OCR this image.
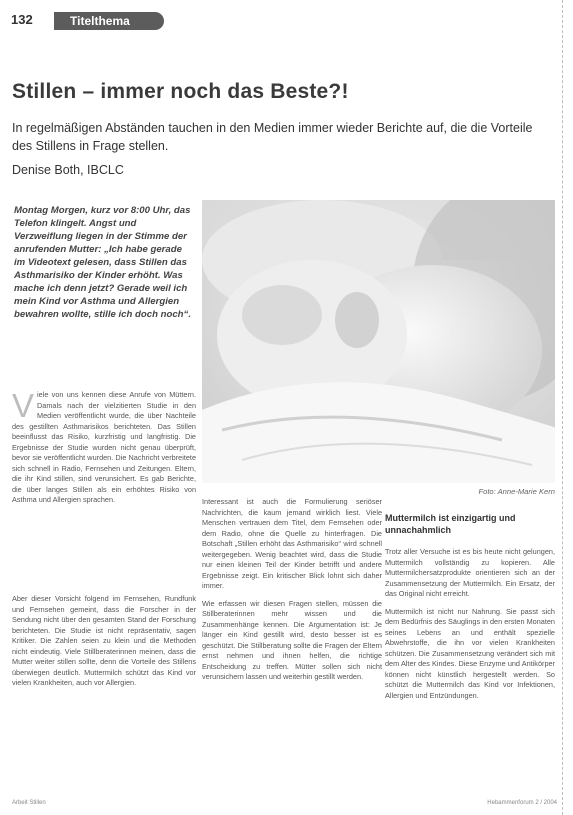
132	Titelthema
Stillen – immer noch das Beste?!
In regelmäßigen Abständen tauchen in den Medien immer wieder Berichte auf, die die Vorteile des Stillens in Frage stellen.
Denise Both, IBCLC
Montag Morgen, kurz vor 8:00 Uhr, das Telefon klingelt. Angst und Verzweiflung liegen in der Stimme der anrufenden Mutter: „Ich habe gerade im Videotext gelesen, dass Stillen das Asthmarisiko der Kinder erhöht. Was mache ich denn jetzt? Gerade weil ich mein Kind vor Asthma und Allergien bewahren wollte, stille ich doch noch“.
Viele von uns kennen diese Anrufe von Müttern. Damals nach der vielzitierten Studie in den Medien veröffentlicht wurde, die über Nachteile des gestillten Asthmarisikos berichteten. Das Stillen beeinflusst das Risiko, kurzfristig und langfristig. Die Ergebnisse der Studie wurden nicht genau überprüft, bevor sie veröffentlicht wurden. Die Nachricht verbreitete sich schnell in Radio, Fernsehen und Zeitungen. Eltern, die ihr Kind stillen, sind verunsichert. Es gab Berichte, die über langes Stillen als ein erhöhtes Risiko von Asthma und Allergien sprachen.
Aber dieser Vorsicht folgend im Fernsehen, Rundfunk und Fernsehen gemeint, dass die Forscher in der Sendung nicht über den gesamten Stand der Forschung berichteten. Die Studie ist nicht repräsentativ, sagen Kritiker. Die Zahlen seien zu klein und die Methoden nicht eindeutig. Viele Stillberaterinnen meinen, dass die Mutter weiter stillen sollte, denn die Vorteile des Stillens überwiegen deutlich. Muttermilch schützt das Kind vor vielen Krankheiten, auch vor Allergien.
Foto: Anne-Marie Kern

Interessant ist auch die Formulierung seriöser Nachrichten, die kaum jemand wirklich liest. Viele Menschen vertrauen dem Titel, dem Fernsehen oder dem Radio, ohne die Quelle zu hinterfragen. Die Botschaft „Stillen erhöht das Asthmarisiko“ wird schnell weitergegeben. Wenig beachtet wird, dass die Studie nur einen kleinen Teil der Kinder betrifft und andere Ergebnisse zeigt. Ein kritischer Blick lohnt sich daher immer.

Wie erfassen wir diesen Fragen stellen, müssen die Stillberaterinnen mehr wissen und die Zusammenhänge kennen. Die Argumentation ist: Je länger ein Kind gestillt wird, desto besser ist es geschützt. Die Stillberatung sollte die Fragen der Eltern ernst nehmen und ihnen helfen, die richtige Entscheidung zu treffen. Mütter sollen sich nicht verunsichern lassen und weiterhin gestillt werden.

Muttermilch ist einzigartig und unnachahmlich

Trotz aller Versuche ist es bis heute nicht gelungen, Muttermilch vollständig zu kopieren. Alle Muttermilchersatzprodukte orientieren sich an der Zusammensetzung der Muttermilch. Ein Ersatz, der das Original nicht erreicht.

Muttermilch ist nicht nur Nahrung. Sie passt sich dem Bedürfnis des Säuglings in den ersten Monaten seines Lebens an und enthält spezielle Abwehrstoffe, die ihn vor vielen Krankheiten schützen. Die Zusammensetzung verändert sich mit dem Alter des Kindes. Diese Enzyme und Antikörper können nicht künstlich hergestellt werden. So schützt die Muttermilch das Kind vor Infektionen, Allergien und Entzündungen.

Arbeit Stillen	Hebammenforum 2 / 2004
